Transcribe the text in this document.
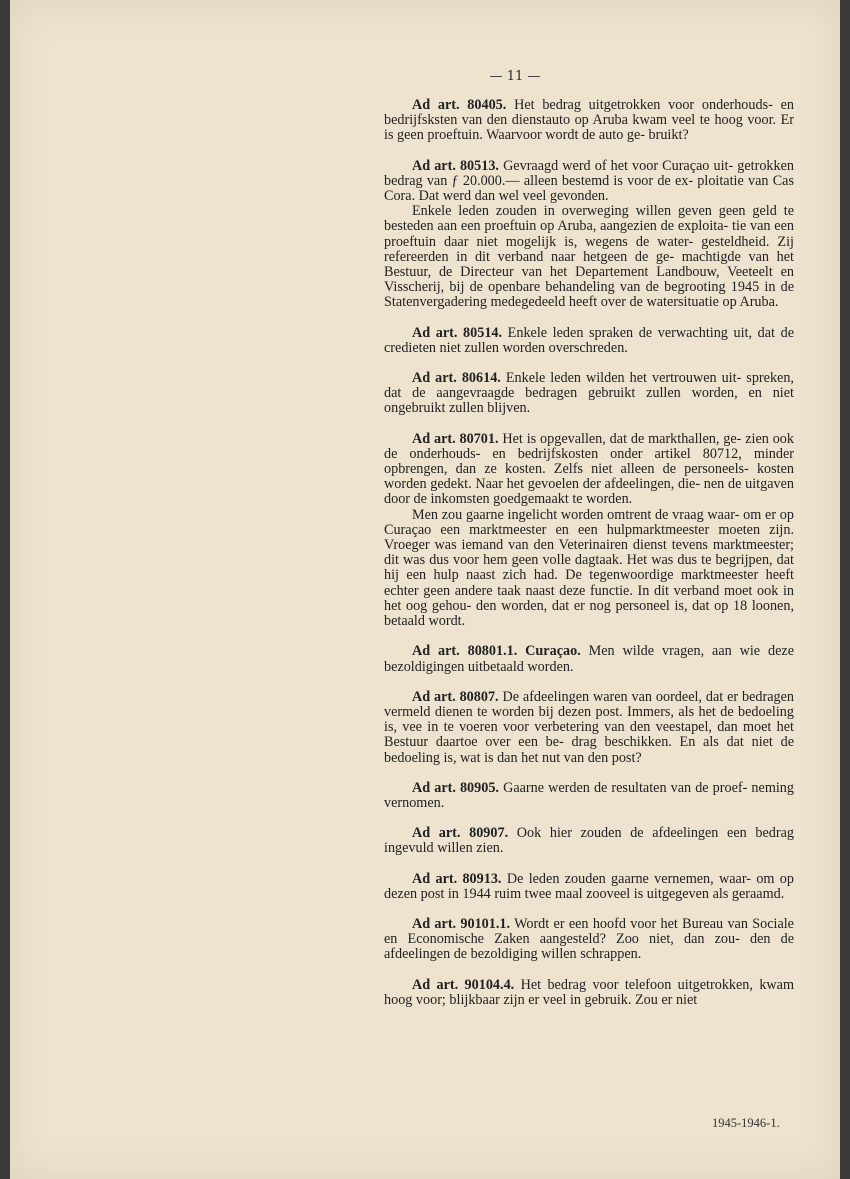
— 11 —

Ad art. 80405. Het bedrag uitgetrokken voor onderhouds- en bedrijfsksten van den dienstauto op Aruba kwam veel te hoog voor. Er is geen proeftuin. Waarvoor wordt de auto ge- bruikt?

Ad art. 80513. Gevraagd werd of het voor Curaçao uit- getrokken bedrag van ƒ 20.000.— alleen bestemd is voor de ex- ploitatie van Cas Cora. Dat werd dan wel veel gevonden.

Enkele leden zouden in overweging willen geven geen geld te besteden aan een proeftuin op Aruba, aangezien de exploita- tie van een proeftuin daar niet mogelijk is, wegens de water- gesteldheid. Zij refereerden in dit verband naar hetgeen de ge- machtigde van het Bestuur, de Directeur van het Departement Landbouw, Veeteelt en Visscherij, bij de openbare behandeling van de begrooting 1945 in de Statenvergadering medegedeeld heeft over de watersituatie op Aruba.

Ad art. 80514. Enkele leden spraken de verwachting uit, dat de credieten niet zullen worden overschreden.

Ad art. 80614. Enkele leden wilden het vertrouwen uit- spreken, dat de aangevraagde bedragen gebruikt zullen worden, en niet ongebruikt zullen blijven.

Ad art. 80701. Het is opgevallen, dat de markthallen, ge- zien ook de onderhouds- en bedrijfskosten onder artikel 80712, minder opbrengen, dan ze kosten. Zelfs niet alleen de personeels- kosten worden gedekt. Naar het gevoelen der afdeelingen, die- nen de uitgaven door de inkomsten goedgemaakt te worden.

Men zou gaarne ingelicht worden omtrent de vraag waar- om er op Curaçao een marktmeester en een hulpmarktmeester moeten zijn. Vroeger was iemand van den Veterinairen dienst tevens marktmeester; dit was dus voor hem geen volle dagtaak. Het was dus te begrijpen, dat hij een hulp naast zich had. De tegenwoordige marktmeester heeft echter geen andere taak naast deze functie. In dit verband moet ook in het oog gehou- den worden, dat er nog personeel is, dat op 18 loonen, betaald wordt.

Ad art. 80801.1. Curaçao. Men wilde vragen, aan wie deze bezoldigingen uitbetaald worden.

Ad art. 80807. De afdeelingen waren van oordeel, dat er bedragen vermeld dienen te worden bij dezen post. Immers, als het de bedoeling is, vee in te voeren voor verbetering van den veestapel, dan moet het Bestuur daartoe over een be- drag beschikken. En als dat niet de bedoeling is, wat is dan het nut van den post?

Ad art. 80905. Gaarne werden de resultaten van de proef- neming vernomen.

Ad art. 80907. Ook hier zouden de afdeelingen een bedrag ingevuld willen zien.

Ad art. 80913. De leden zouden gaarne vernemen, waar- om op dezen post in 1944 ruim twee maal zooveel is uitgegeven als geraamd.

Ad art. 90101.1. Wordt er een hoofd voor het Bureau van Sociale en Economische Zaken aangesteld? Zoo niet, dan zou- den de afdeelingen de bezoldiging willen schrappen.

Ad art. 90104.4. Het bedrag voor telefoon uitgetrokken, kwam hoog voor; blijkbaar zijn er veel in gebruik. Zou er niet

1945-1946-1.
